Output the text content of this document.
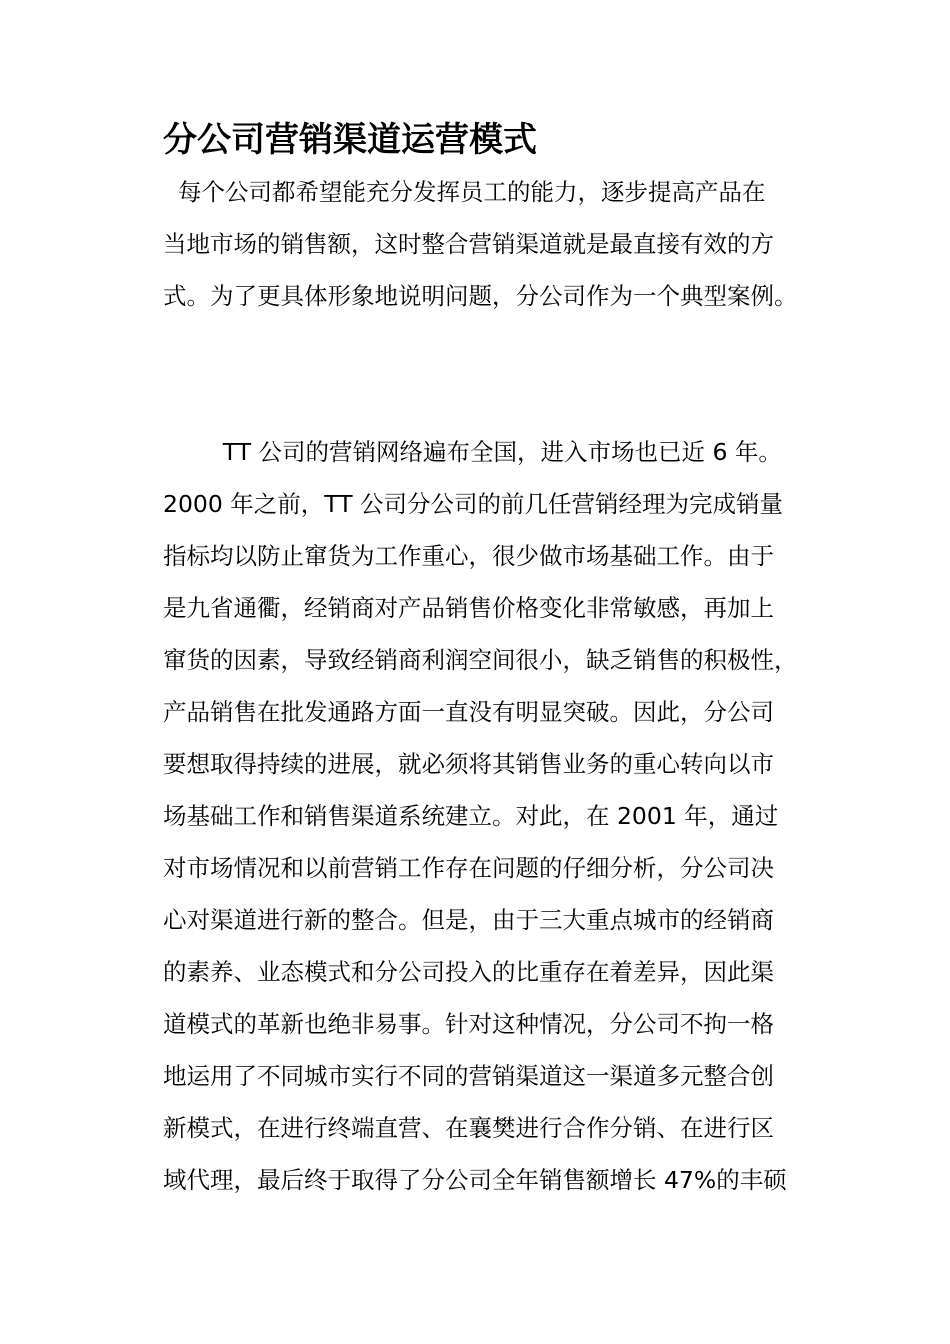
分公司营销渠道运营模式

每个公司都希望能充分发挥员工的能力，逐步提高产品在

当地市场的销售额，这时整合营销渠道就是最直接有效的方

式。为了更具体形象地说明问题，分公司作为一个典型案例。

TT 公司的营销网络遍布全国，进入市场也已近 6 年。

2000 年之前，TT 公司分公司的前几任营销经理为完成销量

指标均以防止窜货为工作重心，很少做市场基础工作。由于

是九省通衢，经销商对产品销售价格变化非常敏感，再加上

窜货的因素，导致经销商利润空间很小，缺乏销售的积极性，

产品销售在批发通路方面一直没有明显突破。因此，分公司

要想取得持续的进展，就必须将其销售业务的重心转向以市

场基础工作和销售渠道系统建立。对此，在 2001 年，通过

对市场情况和以前营销工作存在问题的仔细分析，分公司决

心对渠道进行新的整合。但是，由于三大重点城市的经销商

的素养、业态模式和分公司投入的比重存在着差异，因此渠

道模式的革新也绝非易事。针对这种情况，分公司不拘一格

地运用了不同城市实行不同的营销渠道这一渠道多元整合创

新模式，在进行终端直营、在襄樊进行合作分销、在进行区

域代理，最后终于取得了分公司全年销售额增长 47%的丰硕
